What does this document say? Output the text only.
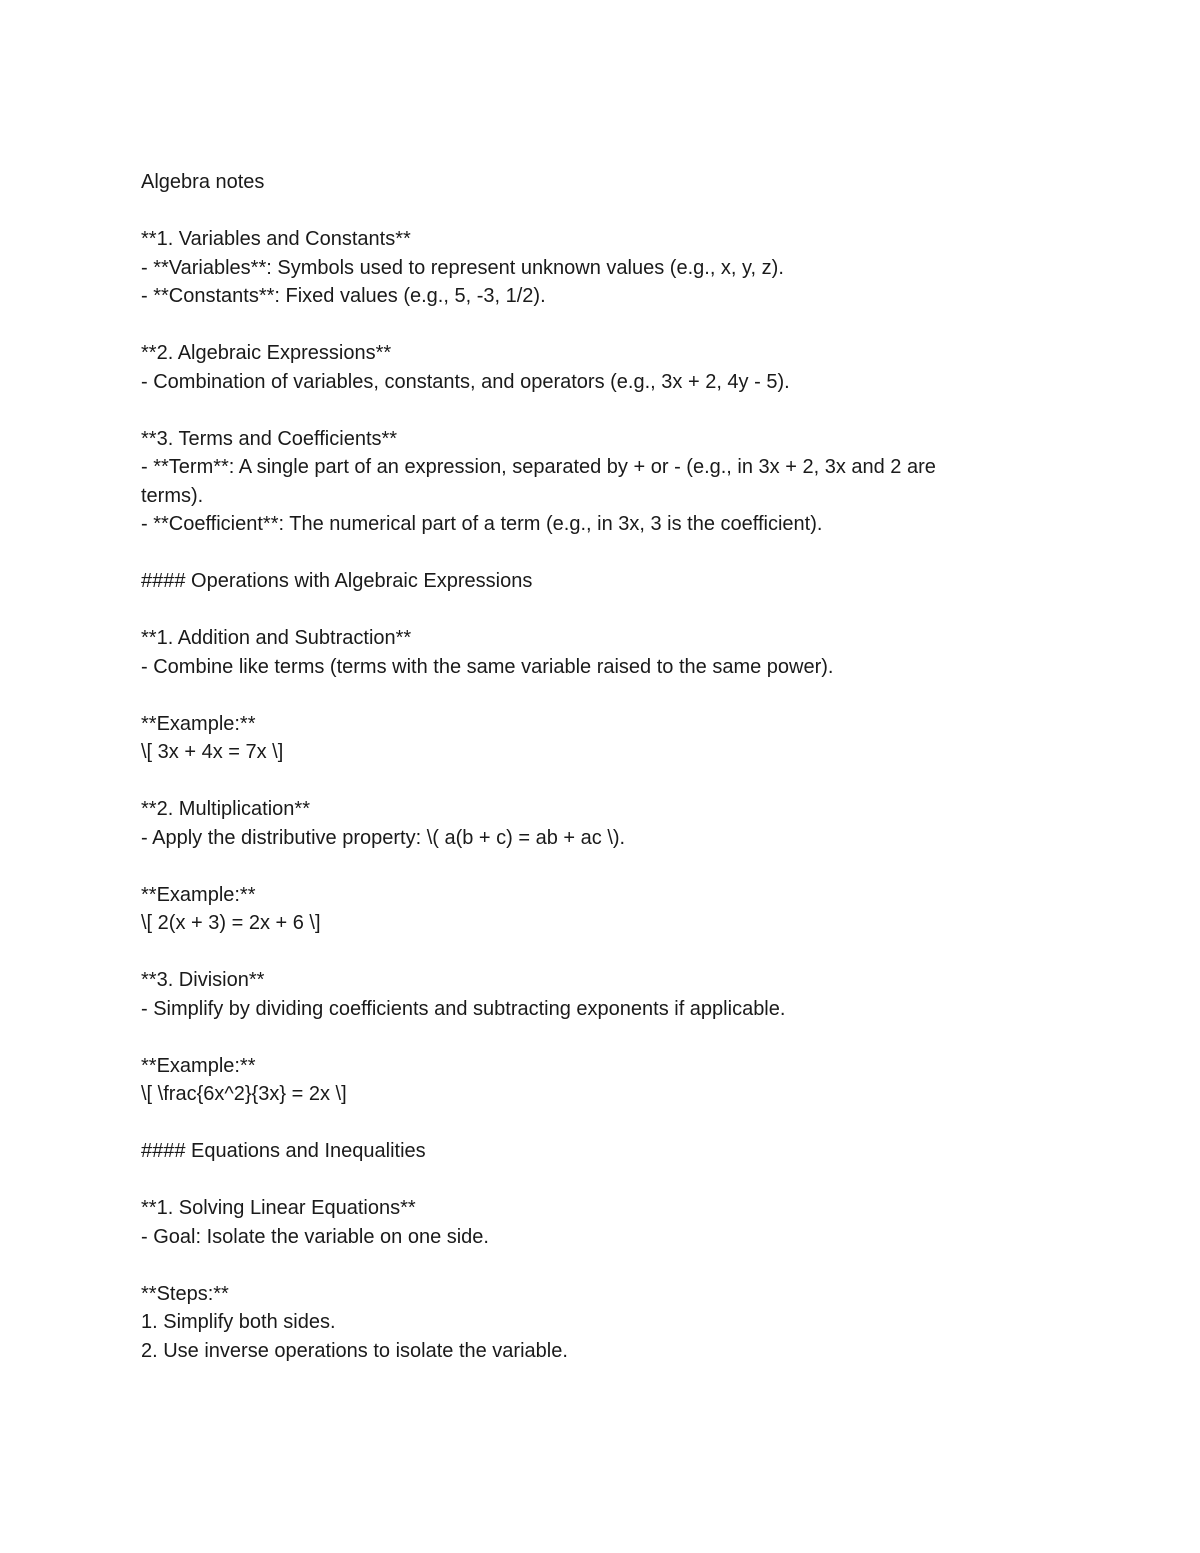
Algebra notes

**1. Variables and Constants**

- **Variables**: Symbols used to represent unknown values (e.g., x, y, z).

- **Constants**: Fixed values (e.g., 5, -3, 1/2).

**2. Algebraic Expressions**

- Combination of variables, constants, and operators (e.g., 3x + 2, 4y - 5).

**3. Terms and Coefficients**

- **Term**: A single part of an expression, separated by + or - (e.g., in 3x + 2, 3x and 2 are

terms).

- **Coefficient**: The numerical part of a term (e.g., in 3x, 3 is the coefficient).

#### Operations with Algebraic Expressions

**1. Addition and Subtraction**

- Combine like terms (terms with the same variable raised to the same power).

**Example:**

\[ 3x + 4x = 7x \]

**2. Multiplication**

- Apply the distributive property: \( a(b + c) = ab + ac \).

**Example:**

\[ 2(x + 3) = 2x + 6 \]

**3. Division**

- Simplify by dividing coefficients and subtracting exponents if applicable.

**Example:**

\[ \frac{6x^2}{3x} = 2x \]

#### Equations and Inequalities

**1. Solving Linear Equations**

- Goal: Isolate the variable on one side.

**Steps:**

1. Simplify both sides.

2. Use inverse operations to isolate the variable.
